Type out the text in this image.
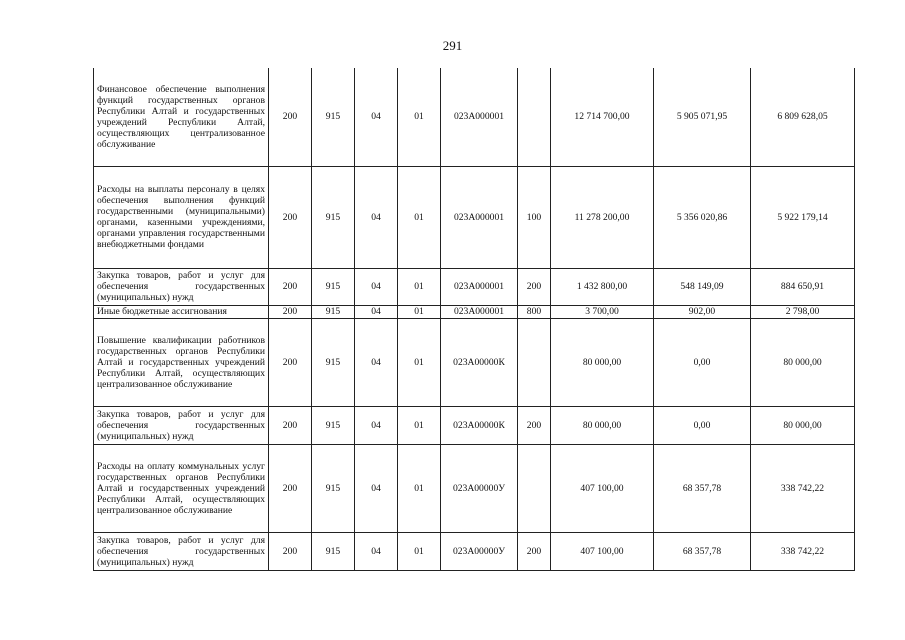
291
Финансовое обеспечение выполнения функций государственных органов Республики Алтай и государственных учреждений Республики Алтай, осуществляющих централизованное обслуживание	200	915	04	01	023А000001		12 714 700,00	5 905 071,95	6 809 628,05
Расходы на выплаты персоналу в целях обеспечения выполнения функций государственными (муниципальными) органами, казенными учреждениями, органами управления государственными внебюджетными фондами	200	915	04	01	023А000001	100	11 278 200,00	5 356 020,86	5 922 179,14
Закупка товаров, работ и услуг для обеспечения государственных (муниципальных) нужд	200	915	04	01	023А000001	200	1 432 800,00	548 149,09	884 650,91
Иные бюджетные ассигнования	200	915	04	01	023А000001	800	3 700,00	902,00	2 798,00
Повышение квалификации работников государственных органов Республики Алтай и государственных учреждений Республики Алтай, осуществляющих централизованное обслуживание	200	915	04	01	023А00000К		80 000,00	0,00	80 000,00
Закупка товаров, работ и услуг для обеспечения государственных (муниципальных) нужд	200	915	04	01	023А00000К	200	80 000,00	0,00	80 000,00
Расходы на оплату коммунальных услуг государственных органов Республики Алтай и государственных учреждений Республики Алтай, осуществляющих централизованное обслуживание	200	915	04	01	023А00000У		407 100,00	68 357,78	338 742,22
Закупка товаров, работ и услуг для обеспечения государственных (муниципальных) нужд	200	915	04	01	023А00000У	200	407 100,00	68 357,78	338 742,22
